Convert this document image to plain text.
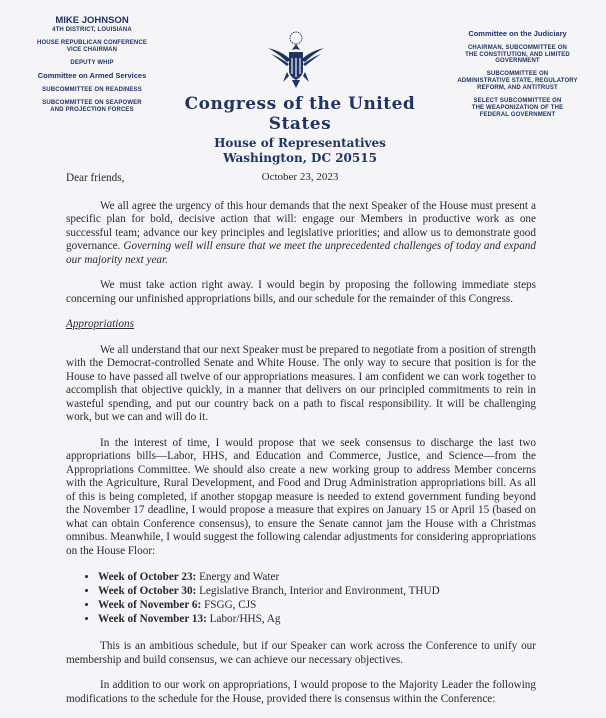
MIKE JOHNSON
4TH DISTRICT, LOUISIANA
HOUSE REPUBLICAN CONFERENCE
VICE CHAIRMAN
DEPUTY WHIP
Committee on Armed Services
SUBCOMMITTEE ON READINESS
SUBCOMMITTEE ON SEAPOWER
AND PROJECTION FORCES
Committee on the Judiciary
CHAIRMAN, SUBCOMMITTEE ON
THE CONSTITUTION, AND LIMITED
GOVERNMENT
SUBCOMMITTEE ON
ADMINISTRATIVE STATE, REGULATORY
REFORM, AND ANTITRUST
SELECT SUBCOMMITTEE ON
THE WEAPONIZATION OF THE
FEDERAL GOVERNMENT
Congress of the United States
House of Representatives
Washington, DC 20515
October 23, 2023

Dear friends,

We all agree the urgency of this hour demands that the next Speaker of the House must present a specific plan for bold, decisive action that will: engage our Members in productive work as one successful team; advance our key principles and legislative priorities; and allow us to demonstrate good governance. Governing well will ensure that we meet the unprecedented challenges of today and expand our majority next year.

We must take action right away. I would begin by proposing the following immediate steps concerning our unfinished appropriations bills, and our schedule for the remainder of this Congress.

Appropriations

We all understand that our next Speaker must be prepared to negotiate from a position of strength with the Democrat-controlled Senate and White House. The only way to secure that position is for the House to have passed all twelve of our appropriations measures. I am confident we can work together to accomplish that objective quickly, in a manner that delivers on our principled commitments to rein in wasteful spending, and put our country back on a path to fiscal responsibility. It will be challenging work, but we can and will do it.

In the interest of time, I would propose that we seek consensus to discharge the last two appropriations bills—Labor, HHS, and Education and Commerce, Justice, and Science—from the Appropriations Committee. We should also create a new working group to address Member concerns with the Agriculture, Rural Development, and Food and Drug Administration appropriations bill. As all of this is being completed, if another stopgap measure is needed to extend government funding beyond the November 17 deadline, I would propose a measure that expires on January 15 or April 15 (based on what can obtain Conference consensus), to ensure the Senate cannot jam the House with a Christmas omnibus. Meanwhile, I would suggest the following calendar adjustments for considering appropriations on the House Floor:

• Week of October 23: Energy and Water
• Week of October 30: Legislative Branch, Interior and Environment, THUD
• Week of November 6: FSGG, CJS
• Week of November 13: Labor/HHS, Ag

This is an ambitious schedule, but if our Speaker can work across the Conference to unify our membership and build consensus, we can achieve our necessary objectives.

In addition to our work on appropriations, I would propose to the Majority Leader the following modifications to the schedule for the House, provided there is consensus within the Conference:
